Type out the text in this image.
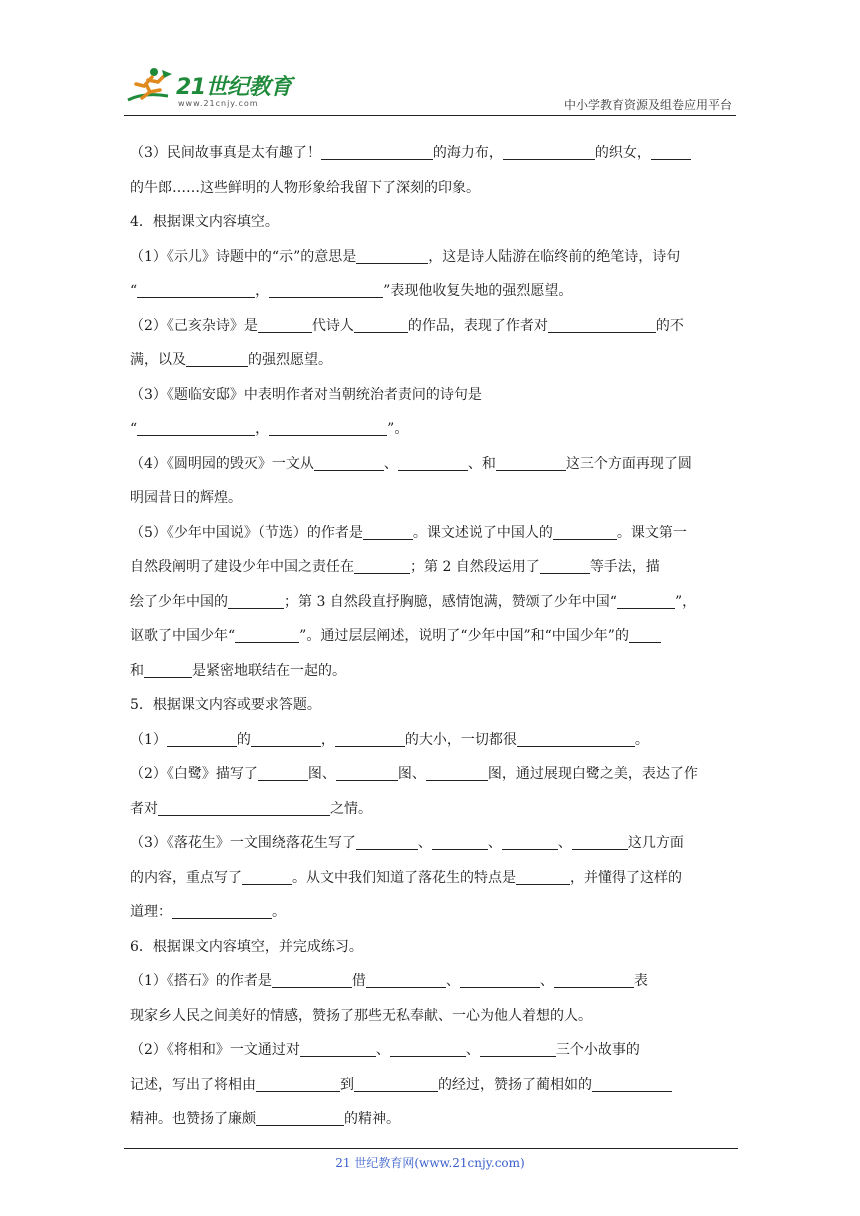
21世纪教育
www.21cnjy.com	中小学教育资源及组卷应用平台
（3）民间故事真是太有趣了！	的海力布，	的织女，
的牛郎……这些鲜明的人物形象给我留下了深刻的印象。
4．根据课文内容填空。
（1）《示儿》诗题中的“示”的意思是	，这是诗人陆游在临终前的绝笔诗，诗句
“	，	”表现他收复失地的强烈愿望。
（2）《己亥杂诗》是	代诗人	的作品，表现了作者对	的不
满，以及	的强烈愿望。
（3）《题临安邸》中表明作者对当朝统治者责问的诗句是
“	，	”。
（4）《圆明园的毁灭》一文从	、	、和	这三个方面再现了圆
明园昔日的辉煌。
（5）《少年中国说》（节选）的作者是	。课文述说了中国人的	。课文第一
自然段阐明了建设少年中国之责任在	；第 2 自然段运用了	等手法，描
绘了少年中国的	；第 3 自然段直抒胸臆，感情饱满，赞颂了少年中国“	”，
讴歌了中国少年“	”。通过层层阐述，说明了“少年中国”和“中国少年”的
和	是紧密地联结在一起的。
5．根据课文内容或要求答题。
（1）	的	，	的大小，一切都很	。
（2）《白鹭》描写了	图、	图、	图，通过展现白鹭之美，表达了作
者对	之情。
（3）《落花生》一文围绕落花生写了	、	、	、	这几方面
的内容，重点写了	。从文中我们知道了落花生的特点是	，并懂得了这样的
道理：	。
6．根据课文内容填空，并完成练习。
（1）《搭石》的作者是	借	、	、	表
现家乡人民之间美好的情感，赞扬了那些无私奉献、一心为他人着想的人。
（2）《将相和》一文通过对	、	、	三个小故事的
记述，写出了将相由	到	的经过，赞扬了蔺相如的
精神。也赞扬了廉颇	的精神。
21 世纪教育网(www.21cnjy.com)
